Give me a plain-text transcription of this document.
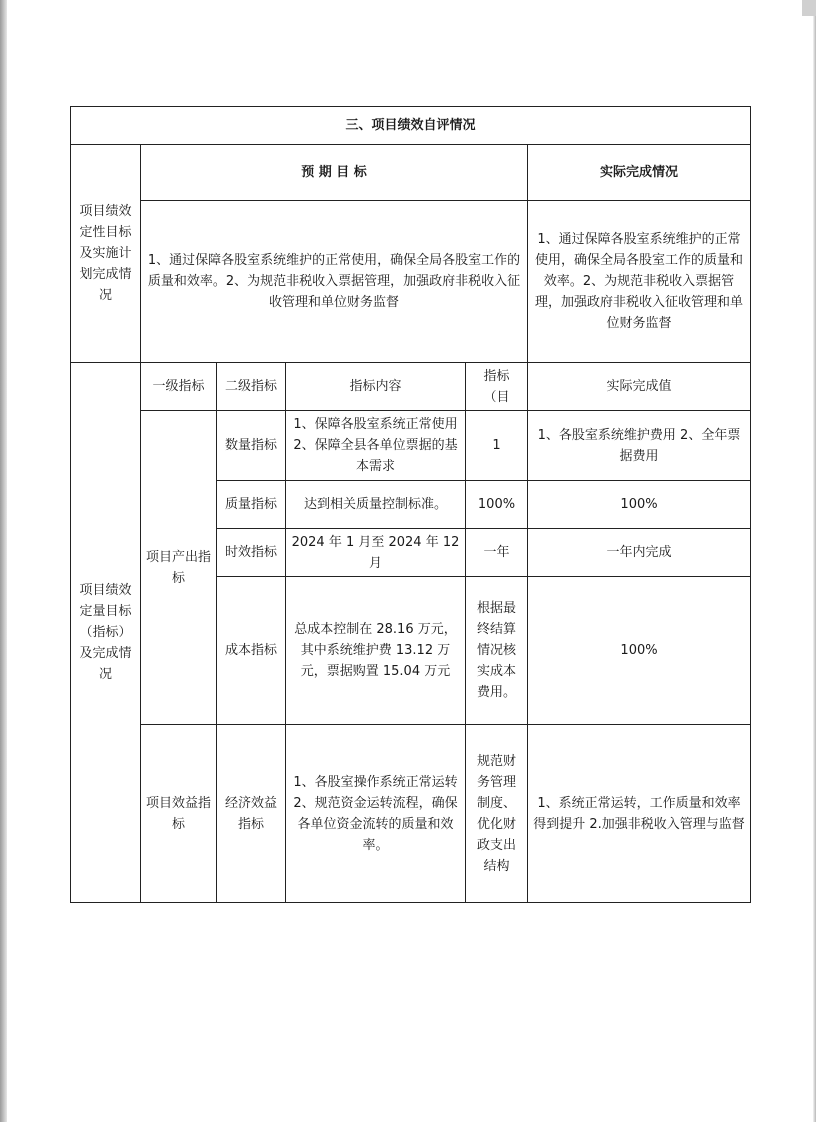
三、项目绩效自评情况					
项目绩效定性目标及实施计划完成情况	预 期 目 标				实际完成情况
	1、通过保障各股室系统维护的正常使用，确保全局各股室工作的质量和效率。2、为规范非税收入票据管理，加强政府非税收入征收管理和单位财务监督				1、通过保障各股室系统维护的正常使用，确保全局各股室工作的质量和效率。2、为规范非税收入票据管理，加强政府非税收入征收管理和单位财务监督
项目绩效定量目标（指标）及完成情况	一级指标	二级指标	指标内容	指标（目	实际完成值
	项目产出指标	数量指标	1、保障各股室系统正常使用 2、保障全县各单位票据的基本需求	1	1、各股室系统维护费用 2、全年票据费用
		质量指标	达到相关质量控制标准。	100%	100%
		时效指标	2024 年 1 月至 2024 年 12 月	一年	一年内完成
		成本指标	总成本控制在 28.16 万元，其中系统维护费 13.12 万元，票据购置 15.04 万元	根据最终结算情况核实成本费用。	100%
	项目效益指标	经济效益指标	1、各股室操作系统正常运转 2、规范资金运转流程，确保各单位资金流转的质量和效率。	规范财务管理制度、优化财政支出结构	1、系统正常运转，工作质量和效率得到提升 2.加强非税收入管理与监督
